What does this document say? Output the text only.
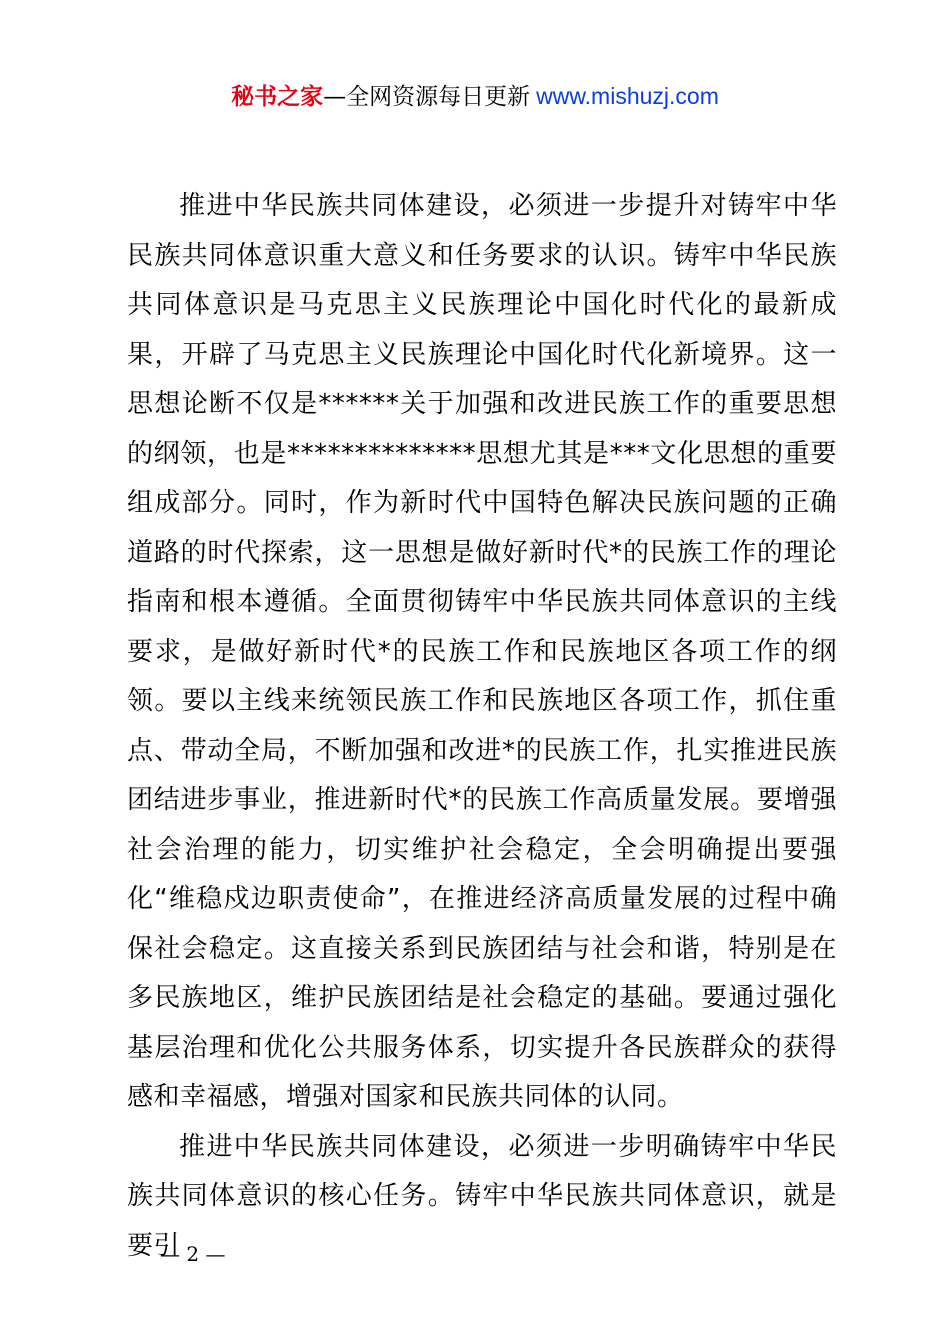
秘书之家—全网资源每日更新 www.mishuzj.com

推进中华民族共同体建设，必须进一步提升对铸牢中华民族共同体意识重大意义和任务要求的认识。铸牢中华民族共同体意识是马克思主义民族理论中国化时代化的最新成果，开辟了马克思主义民族理论中国化时代化新境界。这一思想论断不仅是******关于加强和改进民族工作的重要思想的纲领，也是**************思想尤其是***文化思想的重要组成部分。同时，作为新时代中国特色解决民族问题的正确道路的时代探索，这一思想是做好新时代*的民族工作的理论指南和根本遵循。全面贯彻铸牢中华民族共同体意识的主线要求，是做好新时代*的民族工作和民族地区各项工作的纲领。要以主线来统领民族工作和民族地区各项工作，抓住重点、带动全局，不断加强和改进*的民族工作，扎实推进民族团结进步事业，推进新时代*的民族工作高质量发展。要增强社会治理的能力，切实维护社会稳定，全会明确提出要强化“维稳戍边职责使命”，在推进经济高质量发展的过程中确保社会稳定。这直接关系到民族团结与社会和谐，特别是在多民族地区，维护民族团结是社会稳定的基础。要通过强化基层治理和优化公共服务体系，切实提升各民族群众的获得感和幸福感，增强对国家和民族共同体的认同。

推进中华民族共同体建设，必须进一步明确铸牢中华民族共同体意识的核心任务。铸牢中华民族共同体意识，就是要引

— 2 —
